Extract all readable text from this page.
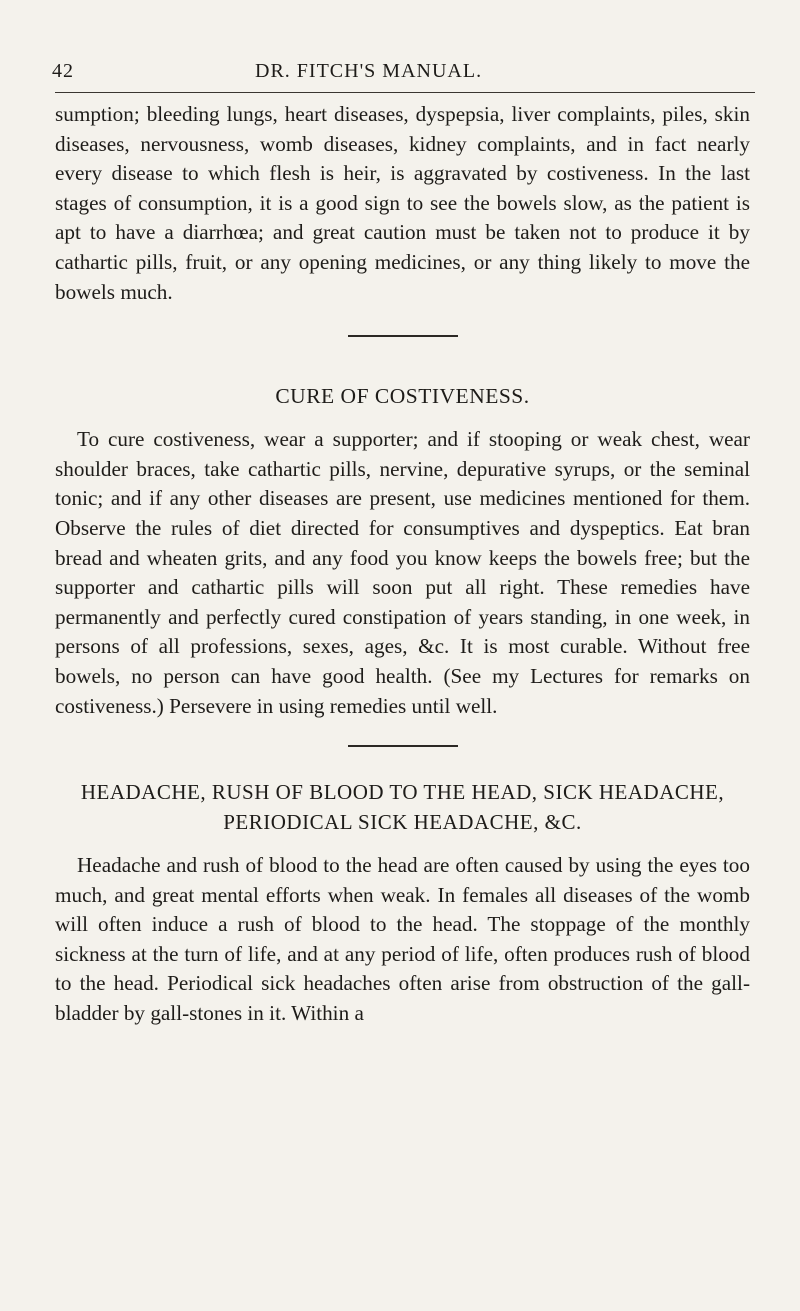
42	DR. FITCH'S MANUAL.

sumption; bleeding lungs, heart diseases, dyspepsia, liver complaints, piles, skin diseases, nervousness, womb diseases, kidney complaints, and in fact nearly every disease to which flesh is heir, is aggravated by costiveness. In the last stages of consumption, it is a good sign to see the bowels slow, as the patient is apt to have a diarrhœa; and great caution must be taken not to produce it by cathartic pills, fruit, or any opening medicines, or any thing likely to move the bowels much.

CURE OF COSTIVENESS.

To cure costiveness, wear a supporter; and if stooping or weak chest, wear shoulder braces, take cathartic pills, nervine, depurative syrups, or the seminal tonic; and if any other diseases are present, use medicines mentioned for them. Observe the rules of diet directed for consumptives and dyspeptics. Eat bran bread and wheaten grits, and any food you know keeps the bowels free; but the supporter and cathartic pills will soon put all right. These remedies have permanently and perfectly cured constipation of years standing, in one week, in persons of all professions, sexes, ages, &c. It is most curable. Without free bowels, no person can have good health. (See my Lectures for remarks on costiveness.) Persevere in using remedies until well.

HEADACHE, RUSH OF BLOOD TO THE HEAD, SICK HEADACHE, PERIODICAL SICK HEADACHE, &C.

Headache and rush of blood to the head are often caused by using the eyes too much, and great mental efforts when weak. In females all diseases of the womb will often induce a rush of blood to the head. The stoppage of the monthly sickness at the turn of life, and at any period of life, often produces rush of blood to the head. Periodical sick headaches often arise from obstruction of the gall-bladder by gall-stones in it. Within a
